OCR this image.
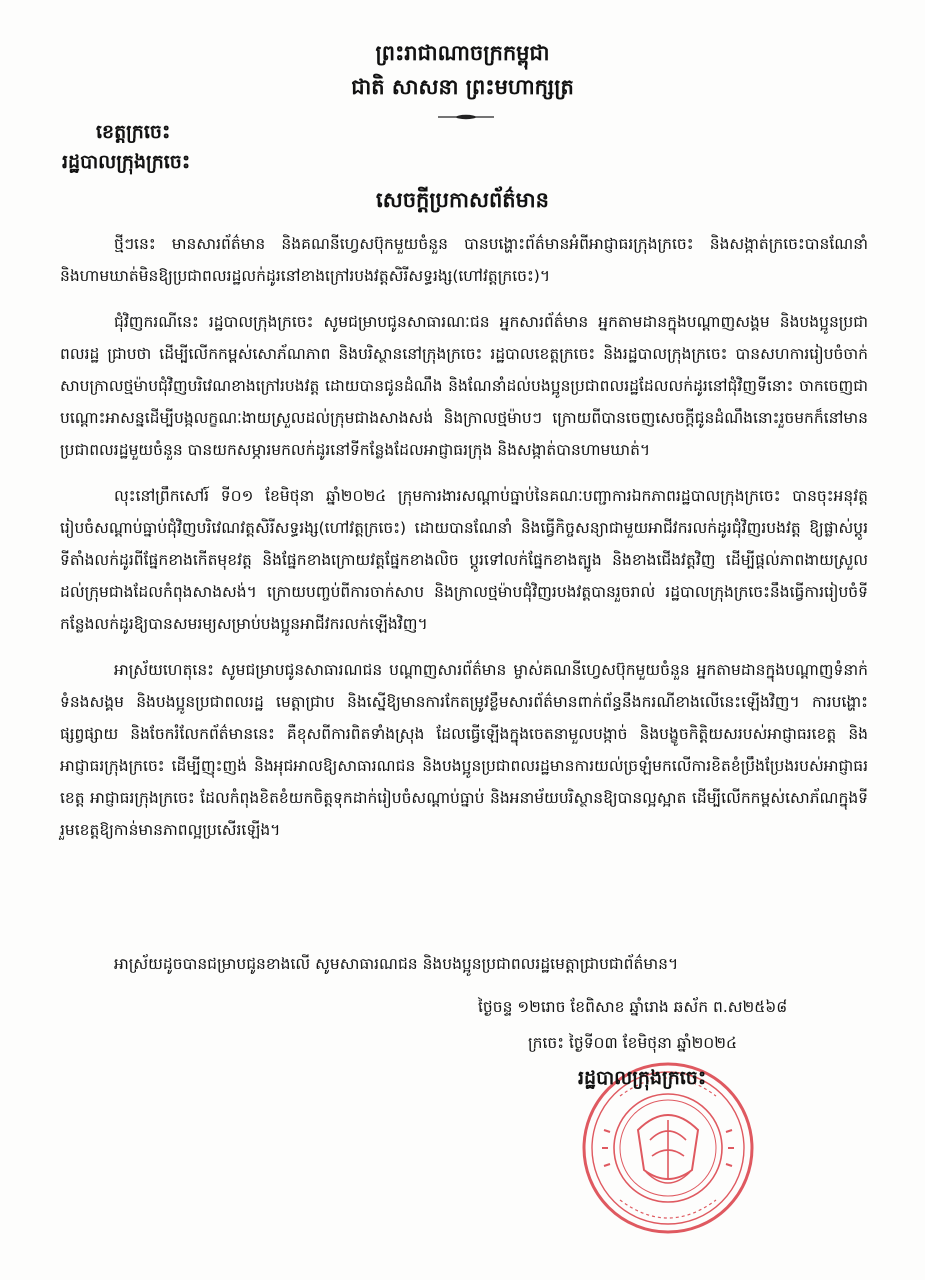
ព្រះរាជាណាចក្រកម្ពុជា
ជាតិ សាសនា ព្រះមហាក្សត្រ
ខេត្តក្រចេះ
រដ្ឋបាលក្រុងក្រចេះ
សេចក្ដីប្រកាសព័ត៌មាន

ថ្មីៗនេះ មានសារព័ត៌មាន និងគណនីហ្វេសប៊ុកមួយចំនួន បានបង្ហោះព័ត៌មានអំពីអាជ្ញាធរក្រុងក្រចេះ និងសង្កាត់ក្រចេះបានណែនាំ និងហាមឃាត់មិនឱ្យប្រជាពលរដ្ឋលក់ដូរនៅខាងក្រៅរបងវត្តសិរីសទ្ធរង្ស(ហៅវត្តក្រចេះ)។

ជុំវិញករណីនេះ រដ្ឋបាលក្រុងក្រចេះ សូមជម្រាបជូនសាធារណៈជន អ្នកសារព័ត៌មាន អ្នកតាមដានក្នុងបណ្ដាញសង្គម និងបងប្អូនប្រជាពលរដ្ឋ ជ្រាបថា ដើម្បីលើកកម្ពស់សោភ័ណភាព និងបរិស្ថាននៅក្រុងក្រចេះ រដ្ឋបាលខេត្តក្រចេះ និងរដ្ឋបាលក្រុងក្រចេះ បានសហការរៀបចំចាក់សាបក្រាលថ្មម៉ាបជុំវិញបរិវេណខាងក្រៅរបងវត្ត ដោយបានជូនដំណឹង និងណែនាំដល់បងប្អូនប្រជាពលរដ្ឋដែលលក់ដូរនៅជុំវិញទីនោះ ចាកចេញជាបណ្ដោះអាសន្នដើម្បីបង្កលក្ខណៈងាយស្រួលដល់ក្រុមជាងសាងសង់ និងក្រាលថ្មម៉ាបៗ ក្រោយពីបានចេញសេចក្ដីជូនដំណឹងនោះរួចមកក៏នៅមានប្រជាពលរដ្ឋមួយចំនួន បានយកសម្ភារមកលក់ដូរនៅទីកន្លែងដែលអាជ្ញាធរក្រុង និងសង្កាត់បានហាមឃាត់។

លុះនៅព្រឹកសៅរ៍ ទី០១ ខែមិថុនា ឆ្នាំ២០២៤ ក្រុមការងារសណ្ដាប់ធ្នាប់នៃគណៈបញ្ជាការឯកភាពរដ្ឋបាលក្រុងក្រចេះ បានចុះអនុវត្តរៀបចំសណ្ដាប់ធ្នាប់ជុំវិញបរិវេណវត្តសិរីសទ្ធរង្ស(ហៅវត្តក្រចេះ) ដោយបានណែនាំ និងធ្វើកិច្ចសន្យាជាមួយអាជីវករលក់ដូរជុំវិញរបងវត្ត ឱ្យផ្លាស់ប្ដូរទីតាំងលក់ដូរពីផ្នែកខាងកើតមុខវត្ត និងផ្នែកខាងក្រោយវត្តផ្នែកខាងលិច ប្ដូរទៅលក់ផ្នែកខាងត្បូង និងខាងជើងវត្តវិញ ដើម្បីផ្ដល់ភាពងាយស្រួលដល់ក្រុមជាងដែលកំពុងសាងសង់។ ក្រោយបញ្ចប់ពីការចាក់សាប និងក្រាលថ្មម៉ាបជុំវិញរបងវត្តបានរួចរាល់ រដ្ឋបាលក្រុងក្រចេះនឹងធ្វើការរៀបចំទីកន្លែងលក់ដូរឱ្យបានសមរម្យសម្រាប់បងប្អូនអាជីវករលក់ឡើងវិញ។

អាស្រ័យហេតុនេះ សូមជម្រាបជូនសាធារណជន បណ្ដាញសារព័ត៌មាន ម្ចាស់គណនីហ្វេសប៊ុកមួយចំនួន អ្នកតាមដានក្នុងបណ្ដាញទំនាក់ទំនងសង្គម និងបងប្អូនប្រជាពលរដ្ឋ មេត្តាជ្រាប និងស្នើឱ្យមានការកែតម្រូវខ្លឹមសារព័ត៌មានពាក់ព័ន្ធនឹងករណីខាងលើនេះឡើងវិញ។ ការបង្ហោះផ្សព្វផ្សាយ និងចែករំលែកព័ត៌មាននេះ គឺខុសពីការពិតទាំងស្រុង ដែលធ្វើឡើងក្នុងចេតនាមួលបង្កាច់ និងបង្ខូចកិត្តិយសរបស់អាជ្ញាធរខេត្ត និងអាជ្ញាធរក្រុងក្រចេះ ដើម្បីញុះញង់ និងអុជអាលឱ្យសាធារណជន និងបងប្អូនប្រជាពលរដ្ឋមានការយល់ច្រឡំមកលើការខិតខំប្រឹងប្រែងរបស់អាជ្ញាធរខេត្ត អាជ្ញាធរក្រុងក្រចេះ ដែលកំពុងខិតខំយកចិត្តទុកដាក់រៀបចំសណ្ដាប់ធ្នាប់ និងអនាម័យបរិស្ថានឱ្យបានល្អស្អាត ដើម្បីលើកកម្ពស់សោភ័ណក្នុងទីរួមខេត្តឱ្យកាន់មានភាពល្អប្រសើរឡើង។

អាស្រ័យដូចបានជម្រាបជូនខាងលើ សូមសាធារណជន និងបងប្អូនប្រជាពលរដ្ឋមេត្តាជ្រាបជាព័ត៌មាន។

ថ្ងៃចន្ទ ១២រោច ខែពិសាខ ឆ្នាំរោង ឆស័ក ព.ស២៥៦៨
ក្រចេះ ថ្ងៃទី០៣ ខែមិថុនា ឆ្នាំ២០២៤
រដ្ឋបាលក្រុងក្រចេះ
